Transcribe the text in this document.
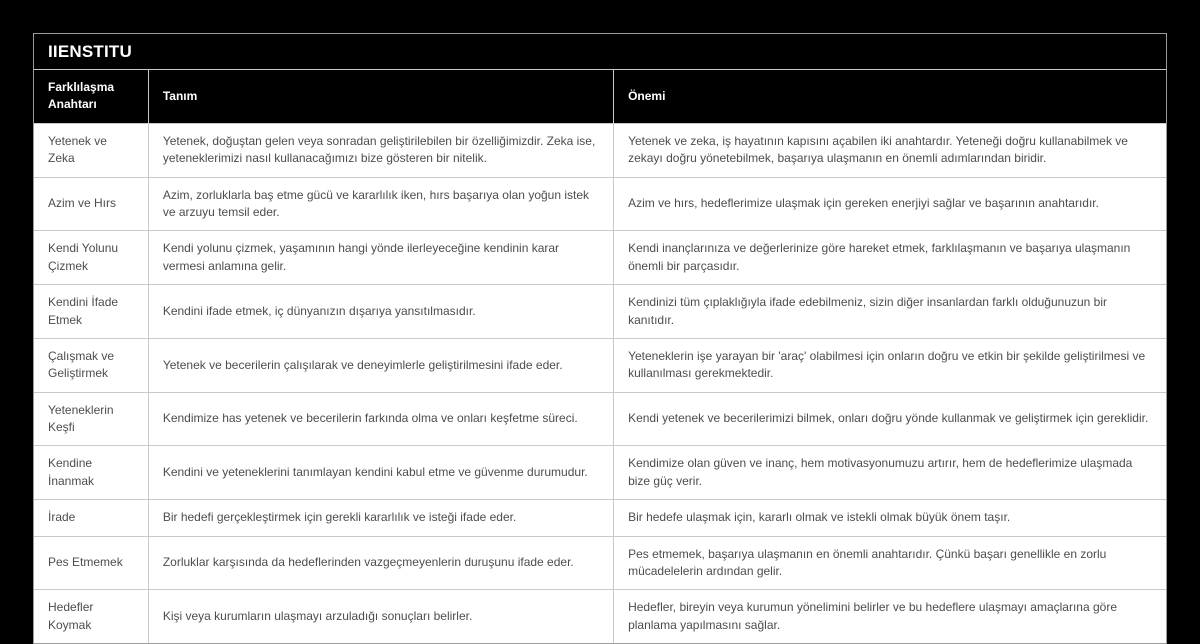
IIENSTITU
Farklılaşma Anahtarı	Tanım	Önemi
Yetenek ve Zeka	Yetenek, doğuştan gelen veya sonradan geliştirilebilen bir özelliğimizdir. Zeka ise, yeteneklerimizi nasıl kullanacağımızı bize gösteren bir nitelik.	Yetenek ve zeka, iş hayatının kapısını açabilen iki anahtardır. Yeteneği doğru kullanabilmek ve zekayı doğru yönetebilmek, başarıya ulaşmanın en önemli adımlarından biridir.
Azim ve Hırs	Azim, zorluklarla baş etme gücü ve kararlılık iken, hırs başarıya olan yoğun istek ve arzuyu temsil eder.	Azim ve hırs, hedeflerimize ulaşmak için gereken enerjiyi sağlar ve başarının anahtarıdır.
Kendi Yolunu Çizmek	Kendi yolunu çizmek, yaşamının hangi yönde ilerleyeceğine kendinin karar vermesi anlamına gelir.	Kendi inançlarınıza ve değerlerinize göre hareket etmek, farklılaşmanın ve başarıya ulaşmanın önemli bir parçasıdır.
Kendini İfade Etmek	Kendini ifade etmek, iç dünyanızın dışarıya yansıtılmasıdır.	Kendinizi tüm çıplaklığıyla ifade edebilmeniz, sizin diğer insanlardan farklı olduğunuzun bir kanıtıdır.
Çalışmak ve Geliştirmek	Yetenek ve becerilerin çalışılarak ve deneyimlerle geliştirilmesini ifade eder.	Yeteneklerin işe yarayan bir 'araç' olabilmesi için onların doğru ve etkin bir şekilde geliştirilmesi ve kullanılması gerekmektedir.
Yeteneklerin Keşfi	Kendimize has yetenek ve becerilerin farkında olma ve onları keşfetme süreci.	Kendi yetenek ve becerilerimizi bilmek, onları doğru yönde kullanmak ve geliştirmek için gereklidir.
Kendine İnanmak	Kendini ve yeteneklerini tanımlayan kendini kabul etme ve güvenme durumudur.	Kendimize olan güven ve inanç, hem motivasyonumuzu artırır, hem de hedeflerimize ulaşmada bize güç verir.
İrade	Bir hedefi gerçekleştirmek için gerekli kararlılık ve isteği ifade eder.	Bir hedefe ulaşmak için, kararlı olmak ve istekli olmak büyük önem taşır.
Pes Etmemek	Zorluklar karşısında da hedeflerinden vazgeçmeyenlerin duruşunu ifade eder.	Pes etmemek, başarıya ulaşmanın en önemli anahtarıdır. Çünkü başarı genellikle en zorlu mücadelelerin ardından gelir.
Hedefler Koymak	Kişi veya kurumların ulaşmayı arzuladığı sonuçları belirler.	Hedefler, bireyin veya kurumun yönelimini belirler ve bu hedeflere ulaşmayı amaçlarına göre planlama yapılmasını sağlar.
